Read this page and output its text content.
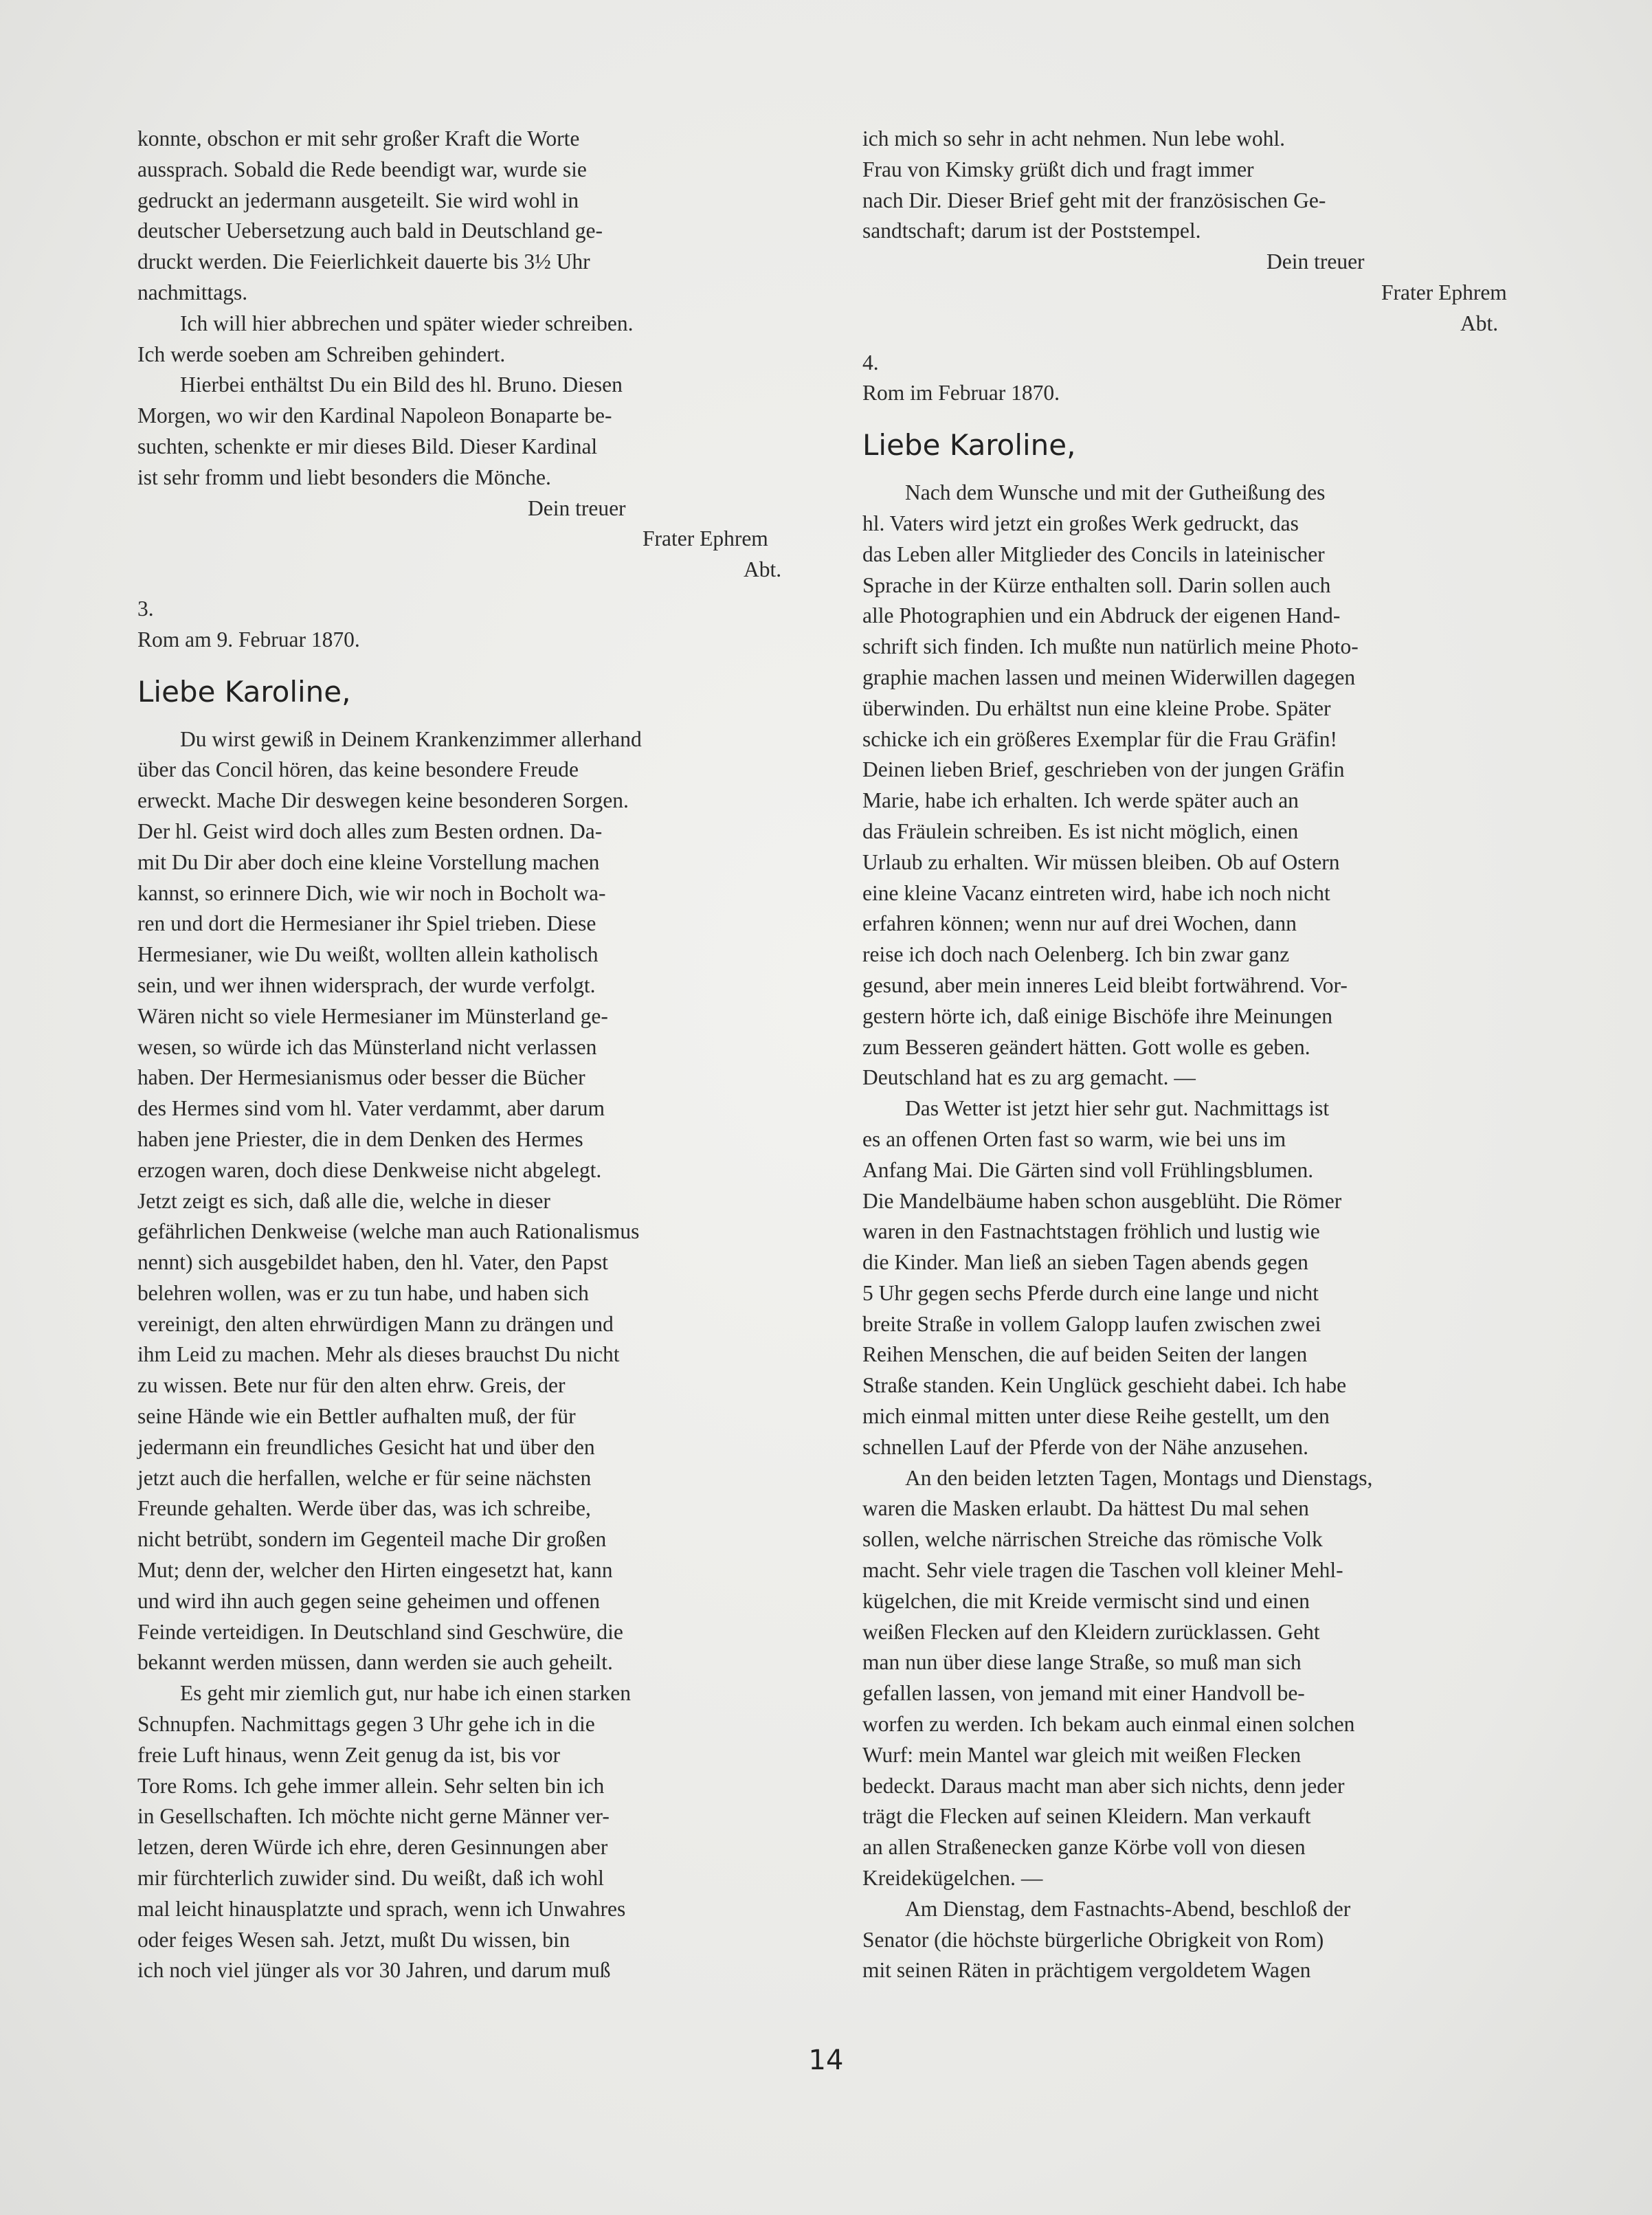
konnte, obschon er mit sehr großer Kraft die Worte

aussprach. Sobald die Rede beendigt war, wurde sie

gedruckt an jedermann ausgeteilt. Sie wird wohl in

deutscher Uebersetzung auch bald in Deutschland ge-

druckt werden. Die Feierlichkeit dauerte bis 3½ Uhr

nachmittags.

Ich will hier abbrechen und später wieder schreiben.

Ich werde soeben am Schreiben gehindert.

Hierbei enthältst Du ein Bild des hl. Bruno. Diesen

Morgen, wo wir den Kardinal Napoleon Bonaparte be-

suchten, schenkte er mir dieses Bild. Dieser Kardinal

ist sehr fromm und liebt besonders die Mönche.

Dein treuer

Frater Ephrem

Abt.

3.

Rom am 9. Februar 1870.

Liebe Karoline,

Du wirst gewiß in Deinem Krankenzimmer allerhand

über das Concil hören, das keine besondere Freude

erweckt. Mache Dir deswegen keine besonderen Sorgen.

Der hl. Geist wird doch alles zum Besten ordnen. Da-

mit Du Dir aber doch eine kleine Vorstellung machen

kannst, so erinnere Dich, wie wir noch in Bocholt wa-

ren und dort die Hermesianer ihr Spiel trieben. Diese

Hermesianer, wie Du weißt, wollten allein katholisch

sein, und wer ihnen widersprach, der wurde verfolgt.

Wären nicht so viele Hermesianer im Münsterland ge-

wesen, so würde ich das Münsterland nicht verlassen

haben. Der Hermesianismus oder besser die Bücher

des Hermes sind vom hl. Vater verdammt, aber darum

haben jene Priester, die in dem Denken des Hermes

erzogen waren, doch diese Denkweise nicht abgelegt.

Jetzt zeigt es sich, daß alle die, welche in dieser

gefährlichen Denkweise (welche man auch Rationalismus

nennt) sich ausgebildet haben, den hl. Vater, den Papst

belehren wollen, was er zu tun habe, und haben sich

vereinigt, den alten ehrwürdigen Mann zu drängen und

ihm Leid zu machen. Mehr als dieses brauchst Du nicht

zu wissen. Bete nur für den alten ehrw. Greis, der

seine Hände wie ein Bettler aufhalten muß, der für

jedermann ein freundliches Gesicht hat und über den

jetzt auch die herfallen, welche er für seine nächsten

Freunde gehalten. Werde über das, was ich schreibe,

nicht betrübt, sondern im Gegenteil mache Dir großen

Mut; denn der, welcher den Hirten eingesetzt hat, kann

und wird ihn auch gegen seine geheimen und offenen

Feinde verteidigen. In Deutschland sind Geschwüre, die

bekannt werden müssen, dann werden sie auch geheilt.

Es geht mir ziemlich gut, nur habe ich einen starken

Schnupfen. Nachmittags gegen 3 Uhr gehe ich in die

freie Luft hinaus, wenn Zeit genug da ist, bis vor

Tore Roms. Ich gehe immer allein. Sehr selten bin ich

in Gesellschaften. Ich möchte nicht gerne Männer ver-

letzen, deren Würde ich ehre, deren Gesinnungen aber

mir fürchterlich zuwider sind. Du weißt, daß ich wohl

mal leicht hinausplatzte und sprach, wenn ich Unwahres

oder feiges Wesen sah. Jetzt, mußt Du wissen, bin

ich noch viel jünger als vor 30 Jahren, und darum muß

ich mich so sehr in acht nehmen. Nun lebe wohl.

Frau von Kimsky grüßt dich und fragt immer

nach Dir. Dieser Brief geht mit der französischen Ge-

sandtschaft; darum ist der Poststempel.

Dein treuer

Frater Ephrem

Abt.

4.

Rom im Februar 1870.

Liebe Karoline,

Nach dem Wunsche und mit der Gutheißung des

hl. Vaters wird jetzt ein großes Werk gedruckt, das

das Leben aller Mitglieder des Concils in lateinischer

Sprache in der Kürze enthalten soll. Darin sollen auch

alle Photographien und ein Abdruck der eigenen Hand-

schrift sich finden. Ich mußte nun natürlich meine Photo-

graphie machen lassen und meinen Widerwillen dagegen

überwinden. Du erhältst nun eine kleine Probe. Später

schicke ich ein größeres Exemplar für die Frau Gräfin!

Deinen lieben Brief, geschrieben von der jungen Gräfin

Marie, habe ich erhalten. Ich werde später auch an

das Fräulein schreiben. Es ist nicht möglich, einen

Urlaub zu erhalten. Wir müssen bleiben. Ob auf Ostern

eine kleine Vacanz eintreten wird, habe ich noch nicht

erfahren können; wenn nur auf drei Wochen, dann

reise ich doch nach Oelenberg. Ich bin zwar ganz

gesund, aber mein inneres Leid bleibt fortwährend. Vor-

gestern hörte ich, daß einige Bischöfe ihre Meinungen

zum Besseren geändert hätten. Gott wolle es geben.

Deutschland hat es zu arg gemacht. —

Das Wetter ist jetzt hier sehr gut. Nachmittags ist

es an offenen Orten fast so warm, wie bei uns im

Anfang Mai. Die Gärten sind voll Frühlingsblumen.

Die Mandelbäume haben schon ausgeblüht. Die Römer

waren in den Fastnachtstagen fröhlich und lustig wie

die Kinder. Man ließ an sieben Tagen abends gegen

5 Uhr gegen sechs Pferde durch eine lange und nicht

breite Straße in vollem Galopp laufen zwischen zwei

Reihen Menschen, die auf beiden Seiten der langen

Straße standen. Kein Unglück geschieht dabei. Ich habe

mich einmal mitten unter diese Reihe gestellt, um den

schnellen Lauf der Pferde von der Nähe anzusehen.

An den beiden letzten Tagen, Montags und Dienstags,

waren die Masken erlaubt. Da hättest Du mal sehen

sollen, welche närrischen Streiche das römische Volk

macht. Sehr viele tragen die Taschen voll kleiner Mehl-

kügelchen, die mit Kreide vermischt sind und einen

weißen Flecken auf den Kleidern zurücklassen. Geht

man nun über diese lange Straße, so muß man sich

gefallen lassen, von jemand mit einer Handvoll be-

worfen zu werden. Ich bekam auch einmal einen solchen

Wurf: mein Mantel war gleich mit weißen Flecken

bedeckt. Daraus macht man aber sich nichts, denn jeder

trägt die Flecken auf seinen Kleidern. Man verkauft

an allen Straßenecken ganze Körbe voll von diesen

Kreidekügelchen. —

Am Dienstag, dem Fastnachts-Abend, beschloß der

Senator (die höchste bürgerliche Obrigkeit von Rom)

mit seinen Räten in prächtigem vergoldetem Wagen

14
